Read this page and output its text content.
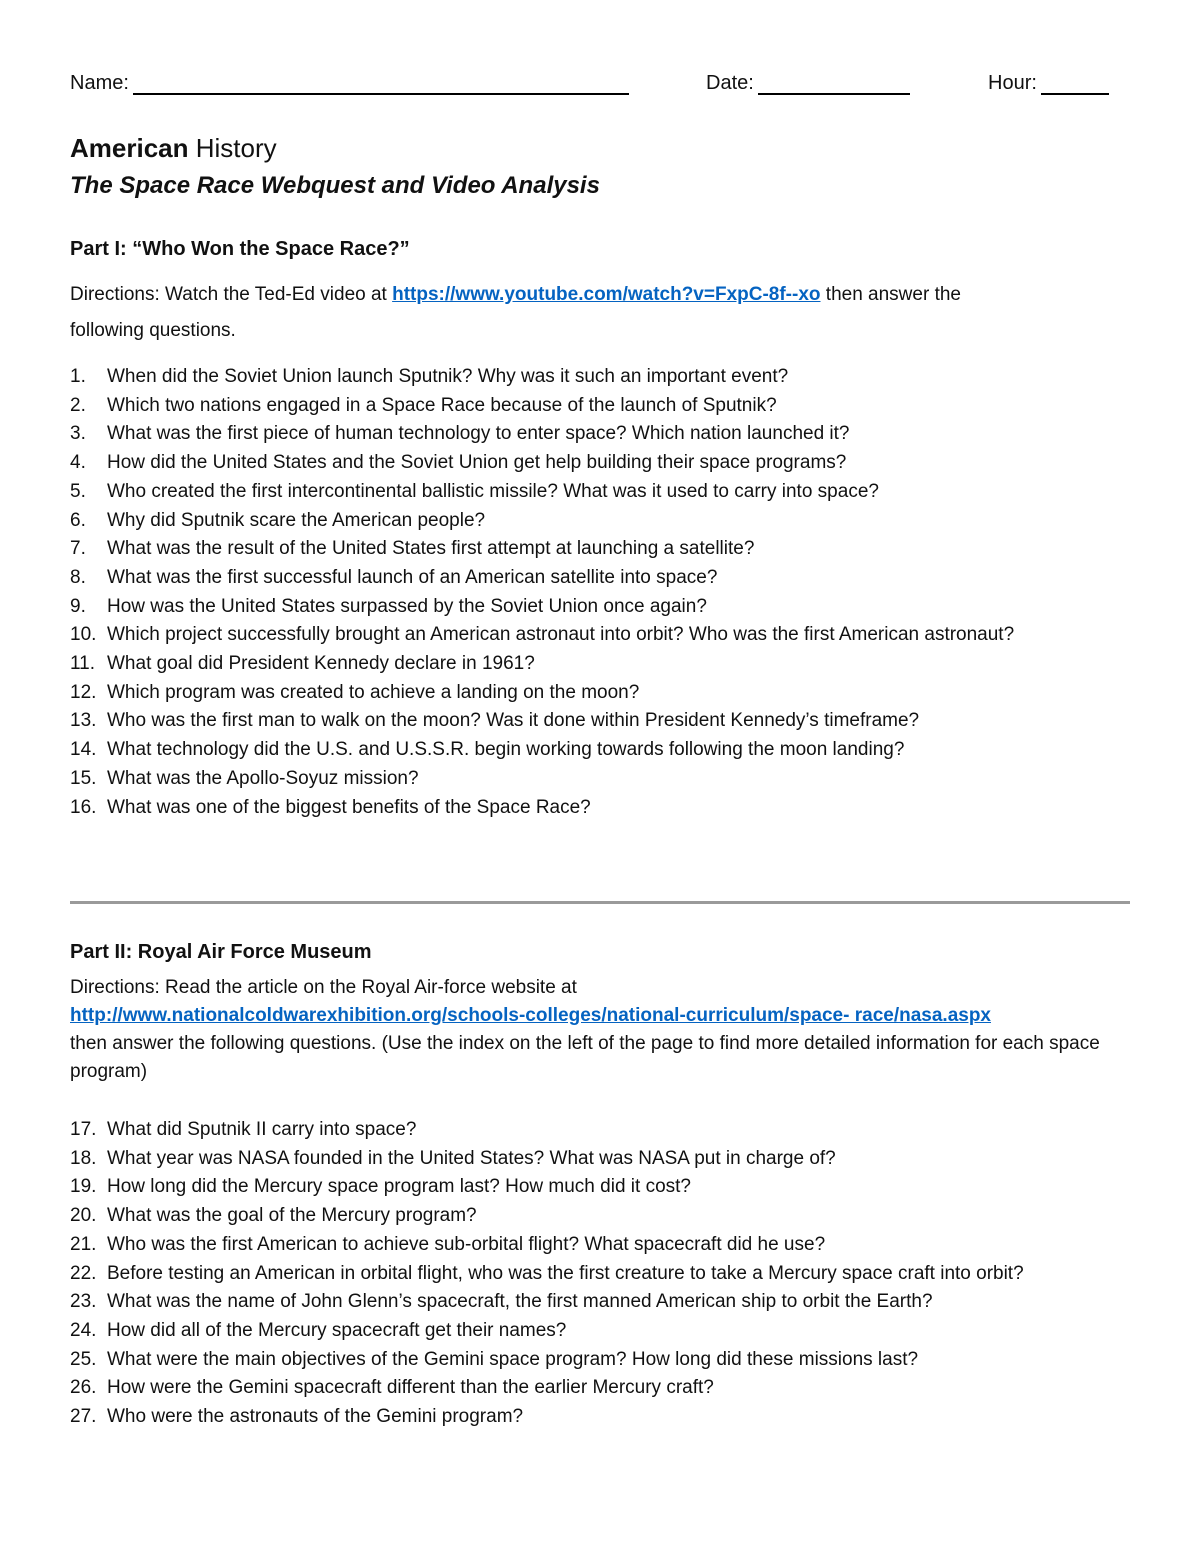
Name:	Date:	Hour:
American History
The Space Race Webquest and Video Analysis
Part I: “Who Won the Space Race?”
Directions: Watch the Ted-Ed video at https://www.youtube.com/watch?v=FxpC-8f--xo then answer the
following questions.
1. When did the Soviet Union launch Sputnik? Why was it such an important event?
2. Which two nations engaged in a Space Race because of the launch of Sputnik?
3. What was the first piece of human technology to enter space? Which nation launched it?
4. How did the United States and the Soviet Union get help building their space programs?
5. Who created the first intercontinental ballistic missile? What was it used to carry into space?
6. Why did Sputnik scare the American people?
7. What was the result of the United States first attempt at launching a satellite?
8. What was the first successful launch of an American satellite into space?
9. How was the United States surpassed by the Soviet Union once again?
10. Which project successfully brought an American astronaut into orbit? Who was the first American astronaut?
11. What goal did President Kennedy declare in 1961?
12. Which program was created to achieve a landing on the moon?
13. Who was the first man to walk on the moon? Was it done within President Kennedy’s timeframe?
14. What technology did the U.S. and U.S.S.R. begin working towards following the moon landing?
15. What was the Apollo-Soyuz mission?
16. What was one of the biggest benefits of the Space Race?
Part II: Royal Air Force Museum
Directions: Read the article on the Royal Air-force website at
http://www.nationalcoldwarexhibition.org/schools-colleges/national-curriculum/space- race/nasa.aspx
then answer the following questions. (Use the index on the left of the page to find more detailed information for each space program)
17. What did Sputnik II carry into space?
18. What year was NASA founded in the United States? What was NASA put in charge of?
19. How long did the Mercury space program last? How much did it cost?
20. What was the goal of the Mercury program?
21. Who was the first American to achieve sub-orbital flight? What spacecraft did he use?
22. Before testing an American in orbital flight, who was the first creature to take a Mercury space craft into orbit?
23. What was the name of John Glenn’s spacecraft, the first manned American ship to orbit the Earth?
24. How did all of the Mercury spacecraft get their names?
25. What were the main objectives of the Gemini space program? How long did these missions last?
26. How were the Gemini spacecraft different than the earlier Mercury craft?
27. Who were the astronauts of the Gemini program?
